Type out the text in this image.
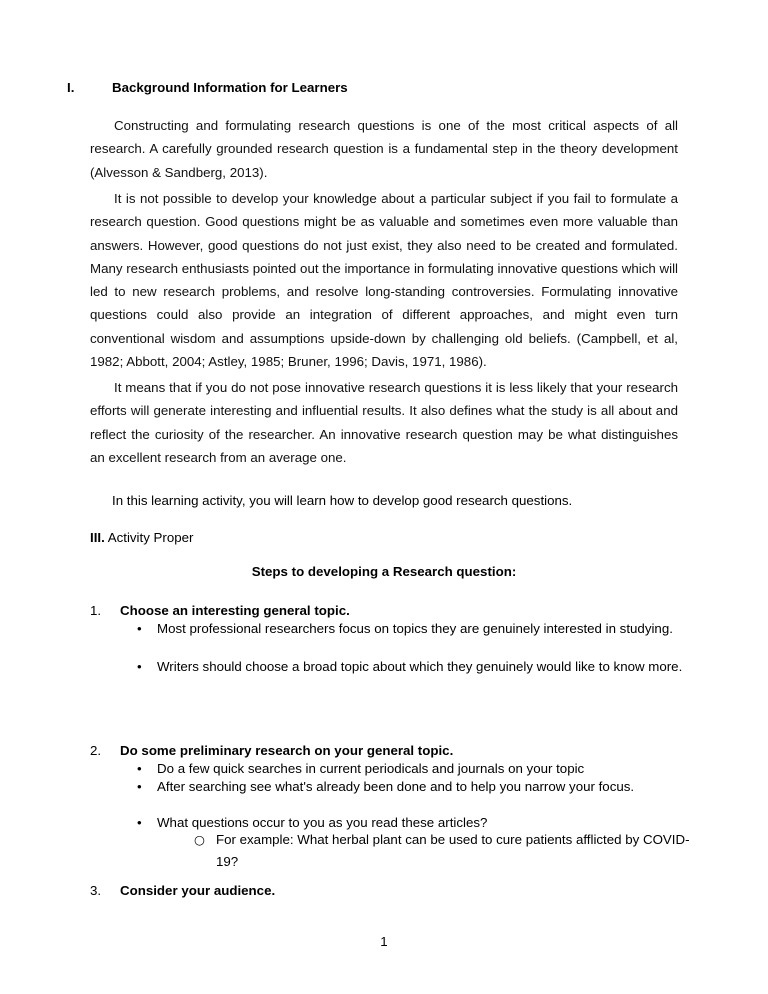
I.	Background Information for Learners
Constructing and formulating research questions is one of the most critical aspects of all research. A carefully grounded research question is a fundamental step in the theory development (Alvesson & Sandberg, 2013).
It is not possible to develop your knowledge about a particular subject if you fail to formulate a research question. Good questions might be as valuable and sometimes even more valuable than answers. However, good questions do not just exist, they also need to be created and formulated. Many research enthusiasts pointed out the importance in formulating innovative questions which will led to new research problems, and resolve long-standing controversies. Formulating innovative questions could also provide an integration of different approaches, and might even turn conventional wisdom and assumptions upside-down by challenging old beliefs. (Campbell, et al, 1982; Abbott, 2004; Astley, 1985; Bruner, 1996; Davis, 1971, 1986).
It means that if you do not pose innovative research questions it is less likely that your research efforts will generate interesting and influential results. It also defines what the study is all about and reflect the curiosity of the researcher. An innovative research question may be what distinguishes an excellent research from an average one.
In this learning activity, you will learn how to develop good research questions.
III. Activity Proper
Steps to developing a Research question:
1. Choose an interesting general topic.
• Most professional researchers focus on topics they are genuinely interested in studying.
• Writers should choose a broad topic about which they genuinely would like to know more.
2. Do some preliminary research on your general topic.
• Do a few quick searches in current periodicals and journals on your topic
• After searching see what's already been done and to help you narrow your focus.
• What questions occur to you as you read these articles?
○ For example: What herbal plant can be used to cure patients afflicted by COVID-19?
3. Consider your audience.
1
